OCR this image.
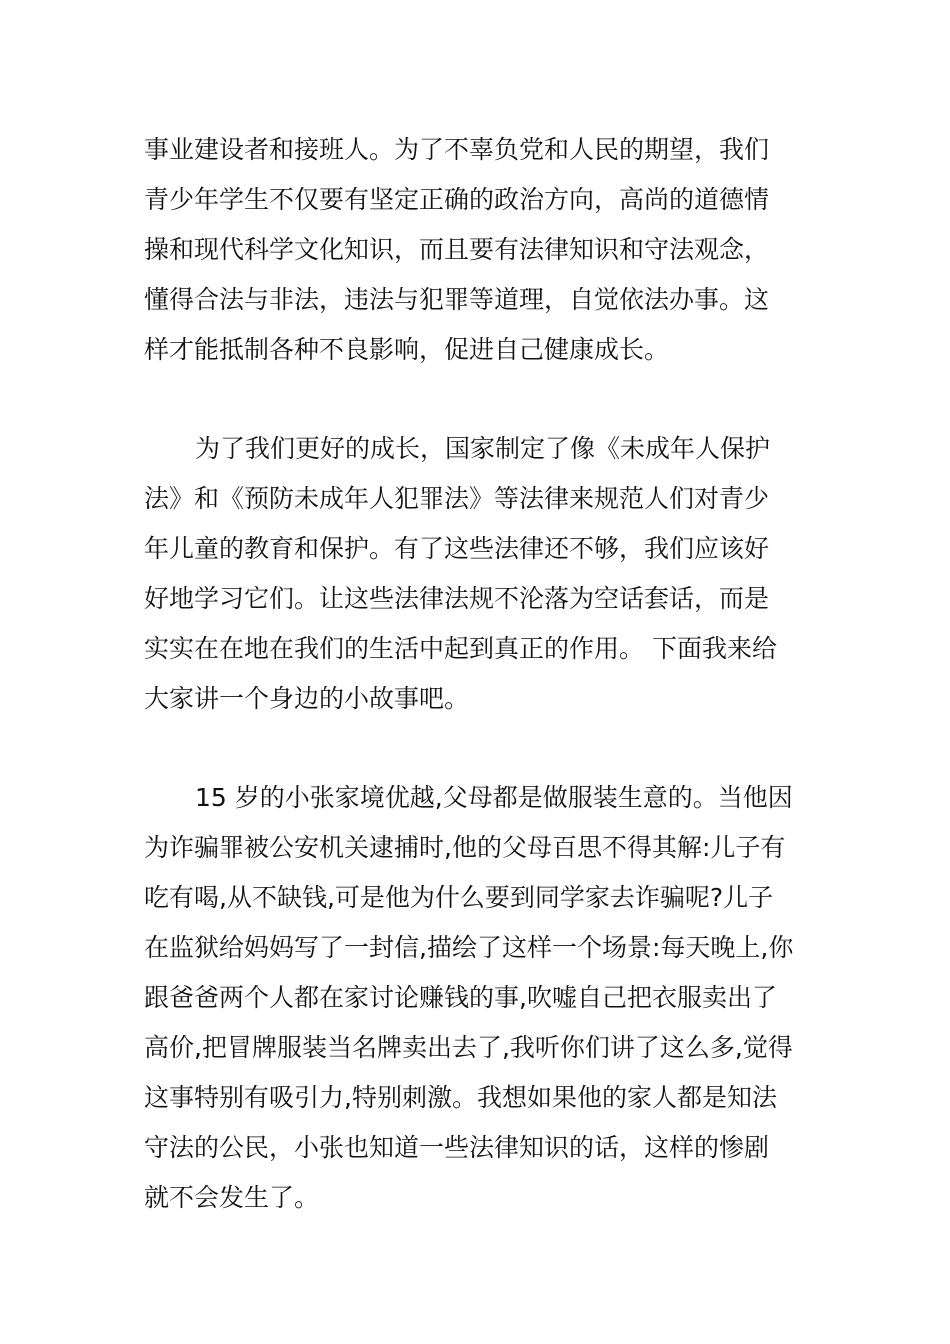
事业建设者和接班人。为了不辜负党和人民的期望，我们
青少年学生不仅要有坚定正确的政治方向，高尚的道德情
操和现代科学文化知识，而且要有法律知识和守法观念，
懂得合法与非法，违法与犯罪等道理，自觉依法办事。这
样才能抵制各种不良影响，促进自己健康成长。
为了我们更好的成长，国家制定了像《未成年人保护
法》和《预防未成年人犯罪法》等法律来规范人们对青少
年儿童的教育和保护。有了这些法律还不够，我们应该好
好地学习它们。让这些法律法规不沦落为空话套话，而是
实实在在地在我们的生活中起到真正的作用。 下面我来给
大家讲一个身边的小故事吧。
15 岁的小张家境优越,父母都是做服装生意的。当他因
为诈骗罪被公安机关逮捕时,他的父母百思不得其解:儿子有
吃有喝,从不缺钱,可是他为什么要到同学家去诈骗呢?儿子
在监狱给妈妈写了一封信,描绘了这样一个场景:每天晚上,你
跟爸爸两个人都在家讨论赚钱的事,吹嘘自己把衣服卖出了
高价,把冒牌服装当名牌卖出去了,我听你们讲了这么多,觉得
这事特别有吸引力,特别刺激。我想如果他的家人都是知法
守法的公民，小张也知道一些法律知识的话，这样的惨剧
就不会发生了。
